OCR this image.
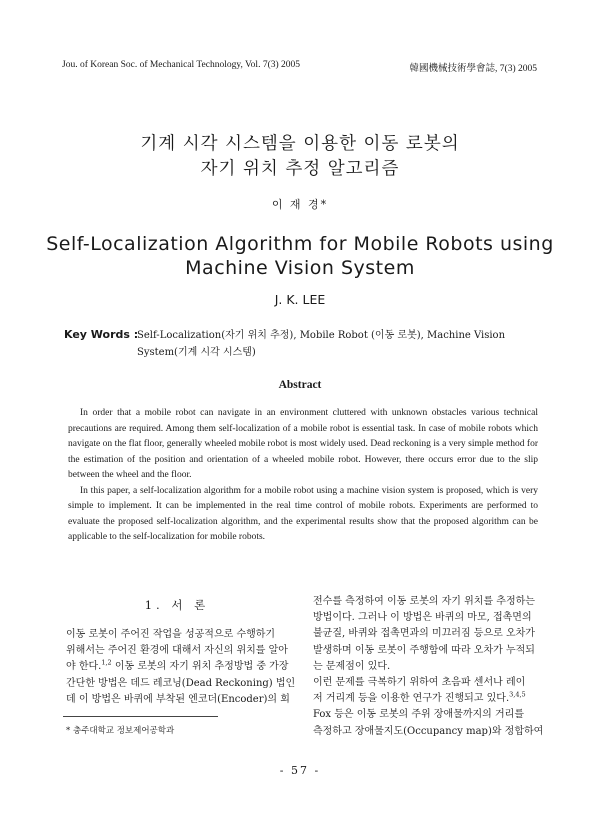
Jou. of Korean Soc. of Mechanical Technology, Vol. 7(3) 2005	韓國機械技術學會誌, 7(3) 2005
기계 시각 시스템을 이용한 이동 로봇의
자기 위치 추정 알고리즘
이 재 경*
Self-Localization Algorithm for Mobile Robots using
Machine Vision System
J. K. LEE
Key Words :
Self-Localization(자기 위치 추정), Mobile Robot (이동 로봇), Machine Vision
System(기계 시각 시스템)
Abstract

In order that a mobile robot can navigate in an environment cluttered with unknown obstacles various technical precautions are required. Among them self-localization of a mobile robot is essential task. In case of mobile robots which navigate on the flat floor, generally wheeled mobile robot is most widely used. Dead reckoning is a very simple method for the estimation of the position and orientation of a wheeled mobile robot. However, there occurs error due to the slip between the wheel and the floor.

In this paper, a self-localization algorithm for a mobile robot using a machine vision system is proposed, which is very simple to implement. It can be implemented in the real time control of mobile robots. Experiments are performed to evaluate the proposed self-localization algorithm, and the experimental results show that the proposed algorithm can be applicable to the self-localization for mobile robots.

1. 서 론
이동 로봇이 주어진 작업을 성공적으로 수행하기
위해서는 주어진 환경에 대해서 자신의 위치를 알아
야 한다.$^{1,2}$ 이동 로봇의 자기 위치 추정방법 중 가장
간단한 방법은 데드 레코닝(Dead Reckoning) 법인
데 이 방법은 바퀴에 부착된 엔코더(Encoder)의 회
전수를 측정하여 이동 로봇의 자기 위치를 추정하는
방법이다. 그러나 이 방법은 바퀴의 마모, 접촉면의
불균질, 바퀴와 접촉면과의 미끄러짐 등으로 오차가
발생하며 이동 로봇이 주행함에 따라 오차가 누적되
는 문제점이 있다.
이런 문제를 극복하기 위하여 초음파 센서나 레이
저 거리계 등을 이용한 연구가 진행되고 있다.$^{3,4,5}$
Fox 등은 이동 로봇의 주위 장애물까지의 거리를
측정하고 장애물지도(Occupancy map)와 정합하여
* 충주대학교 정보제어공학과
- 57 -
